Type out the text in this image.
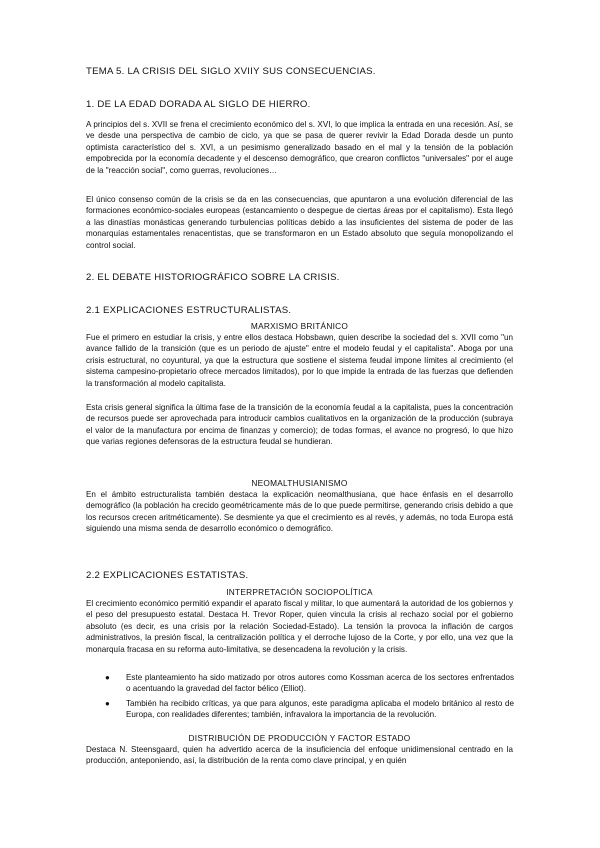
TEMA 5. LA CRISIS DEL SIGLO XVIIY SUS CONSECUENCIAS.
1. DE LA EDAD DORADA AL SIGLO DE HIERRO.
A principios del s. XVII se frena el crecimiento económico del s. XVI, lo que implica la entrada en una recesión. Así, se ve desde una perspectiva de cambio de ciclo, ya que se pasa de querer revivir la Edad Dorada desde un punto optimista característico del s. XVI, a un pesimismo generalizado basado en el mal y la tensión de la población empobrecida por la economía decadente y el descenso demográfico, que crearon conflictos "universales" por el auge de la "reacción social", como guerras, revoluciones…
El único consenso común de la crisis se da en las consecuencias, que apuntaron a una evolución diferencial de las formaciones económico-sociales europeas (estancamiento o despegue de ciertas áreas por el capitalismo). Esta llegó a las dinastías monásticas generando turbulencias políticas debido a las insuficientes del sistema de poder de las monarquías estamentales renacentistas, que se transformaron en un Estado absoluto que seguía monopolizando el control social.
2. EL DEBATE HISTORIOGRÁFICO SOBRE LA CRISIS.
2.1 EXPLICACIONES ESTRUCTURALISTAS.
MARXISMO BRITÁNICO
Fue el primero en estudiar la crisis, y entre ellos destaca Hobsbawn, quien describe la sociedad del s. XVII como "un avance fallido de la transición (que es un periodo de ajuste" entre el modelo feudal y el capitalista". Aboga por una crisis estructural, no coyuntural, ya que la estructura que sostiene el sistema feudal impone límites al crecimiento (el sistema campesino-propietario ofrece mercados limitados), por lo que impide la entrada de las fuerzas que defienden la transformación al modelo capitalista.
Esta crisis general significa la última fase de la transición de la economía feudal a la capitalista, pues la concentración de recursos puede ser aprovechada para introducir cambios cualitativos en la organización de la producción (subraya el valor de la manufactura por encima de finanzas y comercio); de todas formas, el avance no progresó, lo que hizo que varias regiones defensoras de la estructura feudal se hundieran.
NEOMALTHUSIANISMO
En el ámbito estructuralista también destaca la explicación neomalthusiana, que hace énfasis en el desarrollo demográfico (la población ha crecido geométricamente más de lo que puede permitirse, generando crisis debido a que los recursos crecen aritméticamente). Se desmiente ya que el crecimiento es al revés, y además, no toda Europa está siguiendo una misma senda de desarrollo económico o demográfico.
2.2 EXPLICACIONES ESTATISTAS.
INTERPRETACIÓN SOCIOPOLÍTICA
El crecimiento económico permitió expandir el aparato fiscal y militar, lo que aumentará la autoridad de los gobiernos y el peso del presupuesto estatal. Destaca H. Trevor Roper, quien vincula la crisis al rechazo social por el gobierno absoluto (es decir, es una crisis por la relación Sociedad-Estado). La tensión la provoca la inflación de cargos administrativos, la presión fiscal, la centralización política y el derroche lujoso de la Corte, y por ello, una vez que la monarquía fracasa en su reforma auto-limitativa, se desencadena la revolución y la crisis.
● Este planteamiento ha sido matizado por otros autores como Kossman acerca de los sectores enfrentados o acentuando la gravedad del factor bélico (Elliot).
● También ha recibido críticas, ya que para algunos, este paradigma aplicaba el modelo británico al resto de Europa, con realidades diferentes; también, infravalora la importancia de la revolución.
DISTRIBUCIÓN DE PRODUCCIÓN Y FACTOR ESTADO
Destaca N. Steensgaard, quien ha advertido acerca de la insuficiencia del enfoque unidimensional centrado en la producción, anteponiendo, así, la distribución de la renta como clave principal, y en quién
